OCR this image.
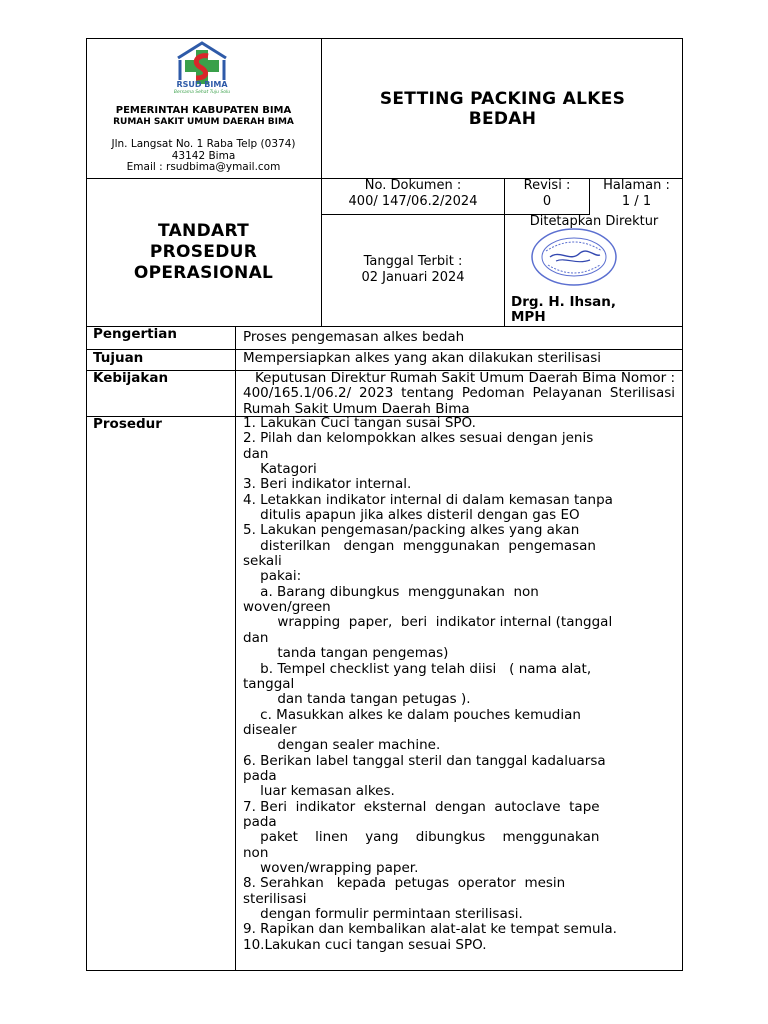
RSUD BIMA
Bersama Sehat Tuju Solu
PEMERINTAH KABUPATEN BIMA
RUMAH SAKIT UMUM DAERAH BIMA
Jln. Langsat No. 1 Raba Telp (0374)
43142 Bima
Email : rsudbima@ymail.com
SETTING PACKING ALKES
BEDAH
TANDART
PROSEDUR
OPERASIONAL
No. Dokumen :
400/ 147/06.2/2024
Revisi :
0
Halaman :
1 / 1
Tanggal Terbit :
02 Januari 2024
Ditetapkan Direktur
Drg. H. Ihsan,
MPH
Pengertian	Proses pengemasan alkes bedah
Tujuan	Mempersiapkan alkes yang akan dilakukan sterilisasi
Kebijakan	Keputusan Direktur Rumah Sakit Umum Daerah Bima Nomor : 400/165.1/06.2/ 2023 tentang Pedoman Pelayanan Sterilisasi Rumah Sakit Umum Daerah Bima
Prosedur	1. Lakukan Cuci tangan susai SPO.
2. Pilah dan kelompokkan alkes sesuai dengan jenis
dan
Katagori
3. Beri indikator internal.
4. Letakkan indikator internal di dalam kemasan tanpa
ditulis apapun jika alkes disteril dengan gas EO
5. Lakukan pengemasan/packing alkes yang akan
disterilkan   dengan  menggunakan  pengemasan
sekali
pakai:
a. Barang dibungkus  menggunakan  non
woven/green
wrapping  paper,  beri  indikator internal (tanggal
dan
tanda tangan pengemas)
b. Tempel checklist yang telah diisi   ( nama alat,
tanggal
dan tanda tangan petugas ).
c. Masukkan alkes ke dalam pouches kemudian
disealer
dengan sealer machine.
6. Berikan label tanggal steril dan tanggal kadaluarsa
pada
luar kemasan alkes.
7. Beri  indikator  eksternal  dengan  autoclave  tape
pada
paket    linen    yang    dibungkus    menggunakan
non
woven/wrapping paper.
8. Serahkan   kepada  petugas  operator  mesin
sterilisasi
dengan formulir permintaan sterilisasi.
9. Rapikan dan kembalikan alat-alat ke tempat semula.
10.Lakukan cuci tangan sesuai SPO.
